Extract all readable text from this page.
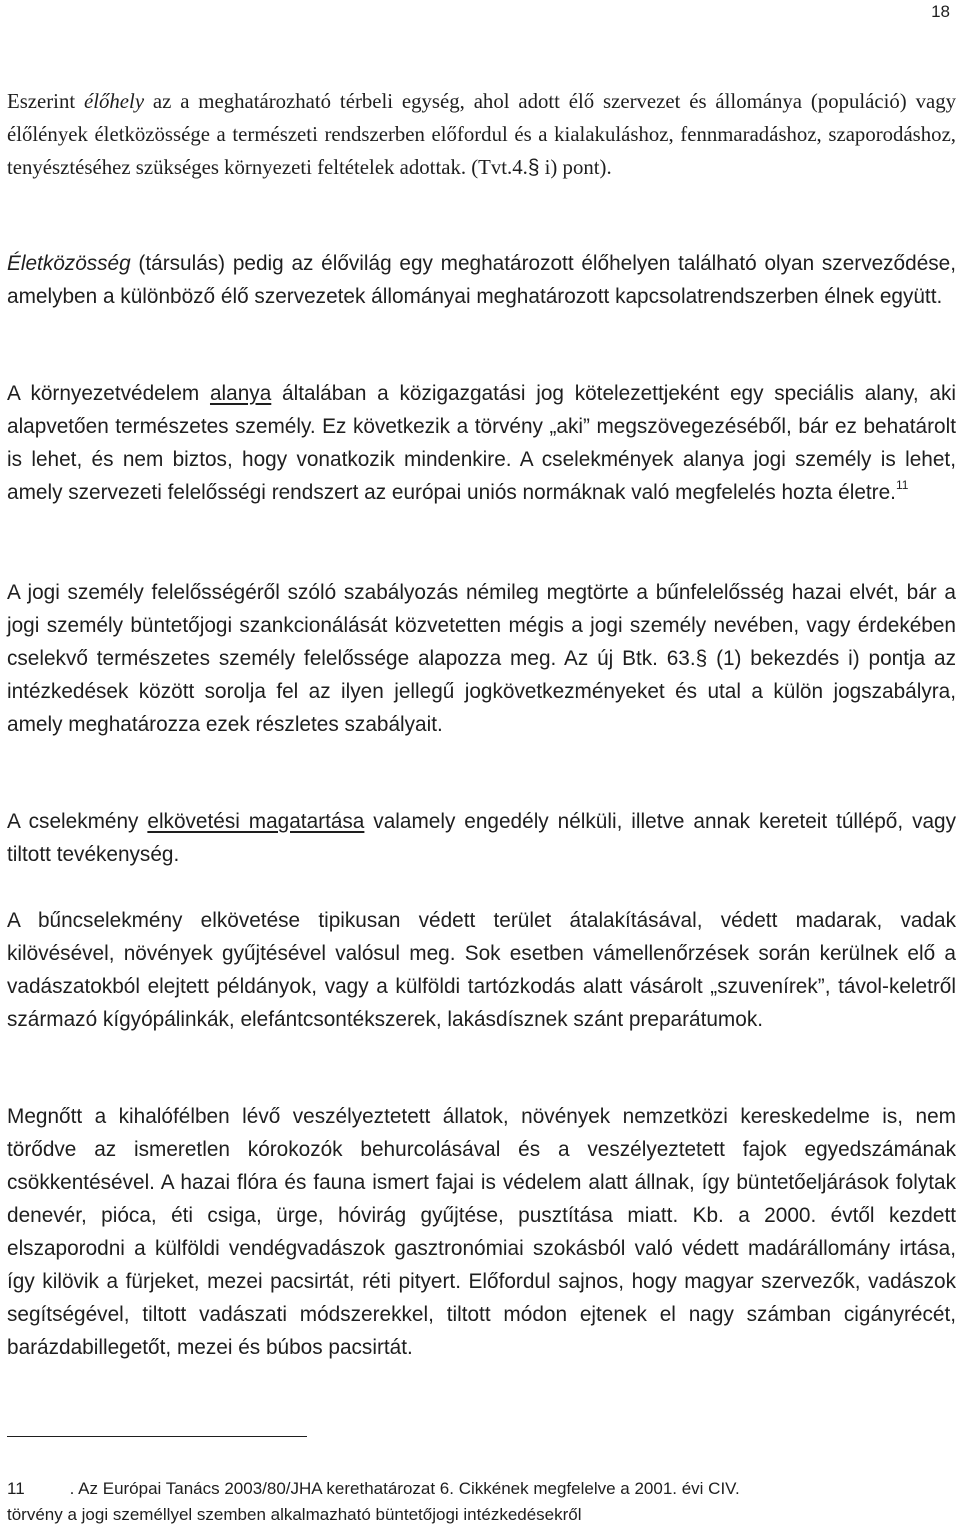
18

Eszerint élőhely az a meghatározható térbeli egység, ahol adott élő szervezet és állománya (populáció) vagy élőlények életközössége a természeti rendszerben előfordul és a kialakuláshoz, fennmaradáshoz, szaporodáshoz, tenyésztéséhez szükséges környezeti feltételek adottak. (Tvt.4.§ i) pont).

Életközösség (társulás) pedig az élővilág egy meghatározott élőhelyen található olyan szerveződése, amelyben a különböző élő szervezetek állományai meghatározott kapcsolatrendszerben élnek együtt.

A környezetvédelem alanya általában a közigazgatási jog kötelezettjeként egy speciális alany, aki alapvetően természetes személy. Ez következik a törvény „aki” megszövegezéséből, bár ez behatárolt is lehet, és nem biztos, hogy vonatkozik mindenkire. A cselekmények alanya jogi személy is lehet, amely szervezeti felelősségi rendszert az európai uniós normáknak való megfelelés hozta életre.$^{11}$

A jogi személy felelősségéről szóló szabályozás némileg megtörte a bűnfelelősség hazai elvét, bár a jogi személy büntetőjogi szankcionálását közvetetten mégis a jogi személy nevében, vagy érdekében cselekvő természetes személy felelőssége alapozza meg. Az új Btk. 63.§ (1) bekezdés i) pontja az intézkedések között sorolja fel az ilyen jellegű jogkövetkezményeket és utal a külön jogszabályra, amely meghatározza ezek részletes szabályait.

A cselekmény elkövetési magatartása valamely engedély nélküli, illetve annak kereteit túllépő, vagy tiltott tevékenység.

A bűncselekmény elkövetése tipikusan védett terület átalakításával, védett madarak, vadak kilövésével, növények gyűjtésével valósul meg. Sok esetben vámellenőrzések során kerülnek elő a vadászatokból elejtett példányok, vagy a külföldi tartózkodás alatt vásárolt „szuvenírek”, távol-keletről származó kígyópálinkák, elefántcsontékszerek, lakásdísznek szánt preparátumok.

Megnőtt a kihalófélben lévő veszélyeztetett állatok, növények nemzetközi kereskedelme is, nem törődve az ismeretlen kórokozók behurcolásával és a veszélyeztetett fajok egyedszámának csökkentésével. A hazai flóra és fauna ismert fajai is védelem alatt állnak, így büntetőeljárások folytak denevér, pióca, éti csiga, ürge, hóvirág gyűjtése, pusztítása miatt. Kb. a 2000. évtől kezdett elszaporodni a külföldi vendégvadászok gasztronómiai szokásból való védett madárállomány irtása, így kilövik a fürjeket, mezei pacsirtát, réti pityert. Előfordul sajnos, hogy magyar szervezők, vadászok segítségével, tiltott vadászati módszerekkel, tiltott módon ejtenek el nagy számban cigányrécét, barázdabillegetőt, mezei és búbos pacsirtát.

11	. Az Európai Tanács 2003/80/JHA kerethatározat 6. Cikkének megfelelve a 2001. évi CIV.
törvény a jogi személlyel szemben alkalmazható büntetőjogi intézkedésekről
